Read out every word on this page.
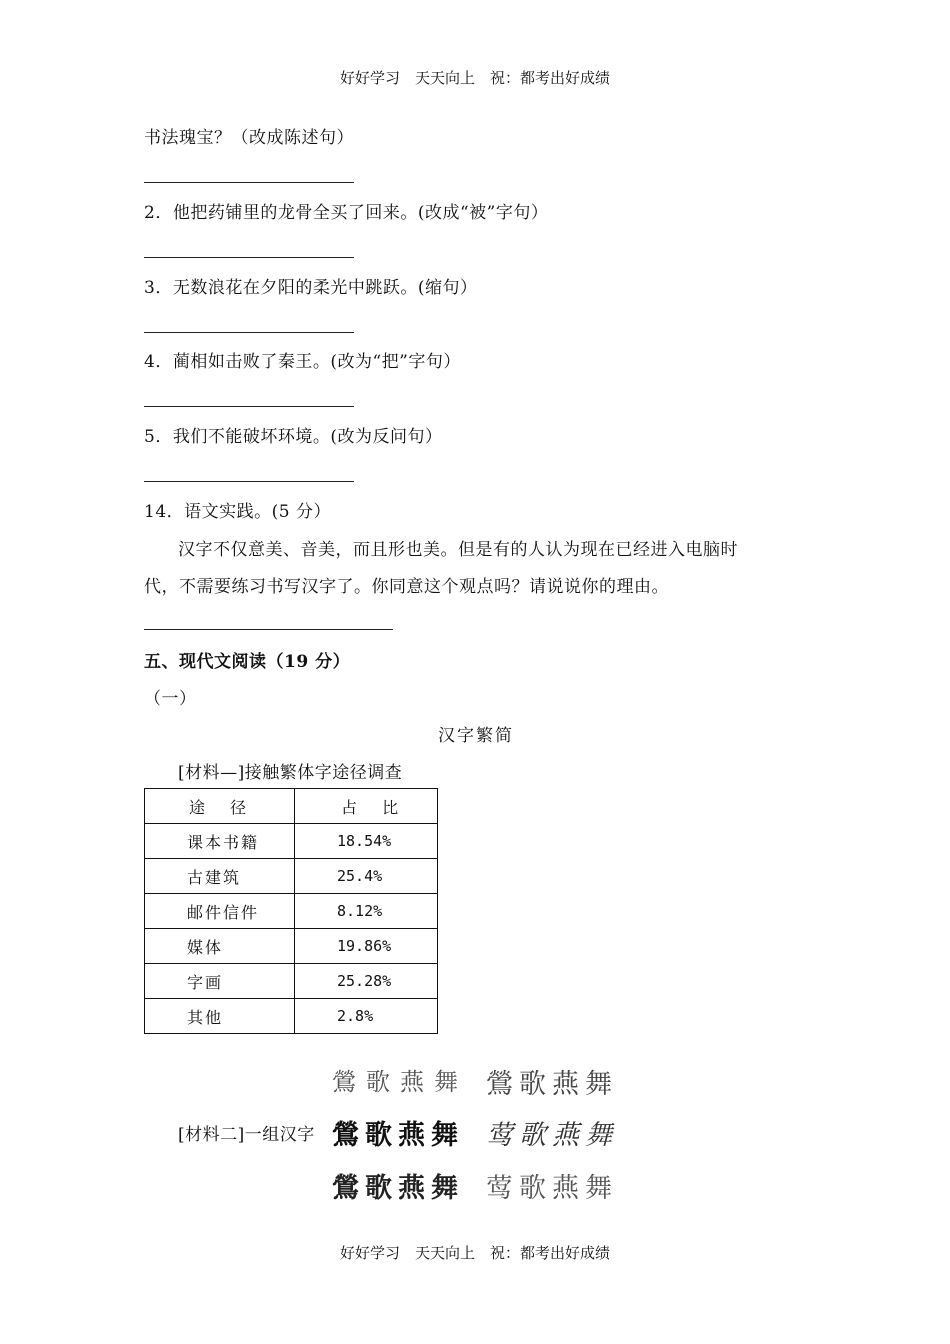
好好学习　天天向上　祝：都考出好成绩
书法瑰宝？（改成陈述句）
2．他把药铺里的龙骨全买了回来。(改成“被”字句）
3．无数浪花在夕阳的柔光中跳跃。(缩句）
4．蔺相如击败了秦王。(改为“把”字句）
5．我们不能破坏环境。(改为反问句）
14．语文实践。(5 分）
汉字不仅意美、音美，而且形也美。但是有的人认为现在已经进入电脑时
代，不需要练习书写汉字了。你同意这个观点吗？请说说你的理由。
五、现代文阅读（19 分）
（一）
汉字繁简
[材料—]接触繁体字途径调查
途 径	占 比
课本书籍	18.54%
古建筑	25.4%
邮件信件	8.12%
媒体	19.86%
字画	25.28%
其他	2.8%
鶯歌燕舞 鶯歌燕舞
[材料二]一组汉字 鶯歌燕舞 莺歌燕舞
鶯歌燕舞 莺歌燕舞
好好学习　天天向上　祝：都考出好成绩
